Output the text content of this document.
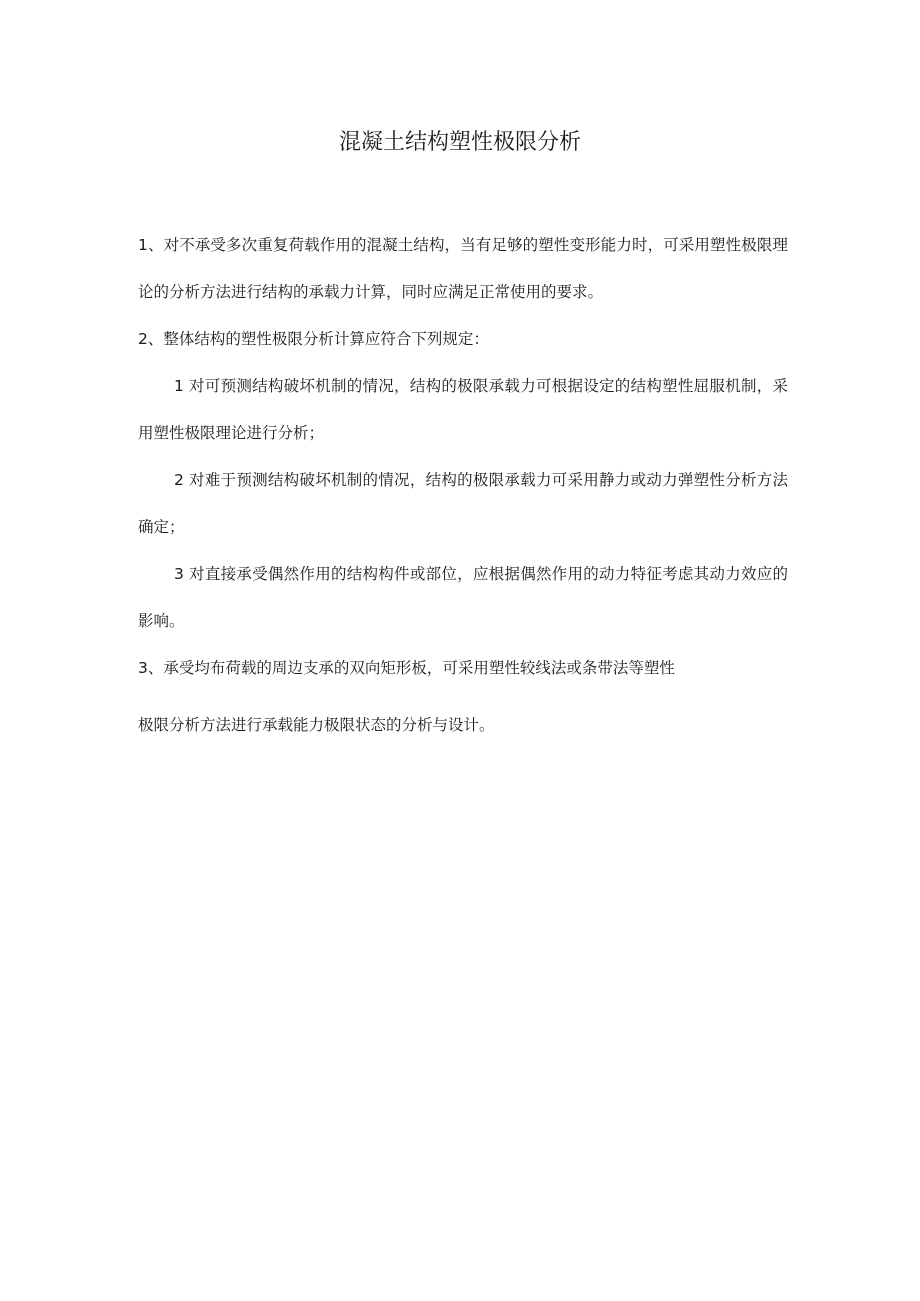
混凝土结构塑性极限分析

1、对不承受多次重复荷载作用的混凝土结构，当有足够的塑性变形能力时，可采用塑性极限理论的分析方法进行结构的承载力计算，同时应满足正常使用的要求。

2、整体结构的塑性极限分析计算应符合下列规定：

1 对可预测结构破坏机制的情况，结构的极限承载力可根据设定的结构塑性屈服机制，采用塑性极限理论进行分析；

2 对难于预测结构破坏机制的情况，结构的极限承载力可采用静力或动力弹塑性分析方法确定；

3 对直接承受偶然作用的结构构件或部位，应根据偶然作用的动力特征考虑其动力效应的影响。

3、承受均布荷载的周边支承的双向矩形板，可采用塑性较线法或条带法等塑性

极限分析方法进行承载能力极限状态的分析与设计。
